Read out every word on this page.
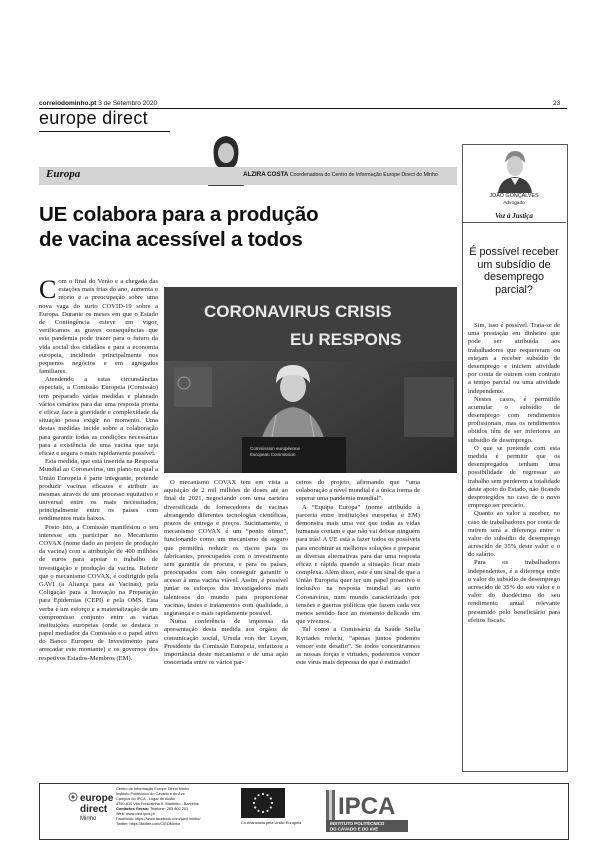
correiodominho.pt 3 de Setembro 2020	23
europe direct
Europa	ALZIRA COSTA Coordenadora do Centro de Informação Europe Direct do Minho
UE colabora para a produção de vacina acessível a todos

Com o final do Verão e a chegada das estações mais frias do ano, aumenta o receio e a preocupação sobre uma nova vaga do surto COVID-19 sobre a Europa. Durante os meses em que o Estado de Contingência esteve em vigor, verificamos as graves consequências que esta pandemia pode trazer para o futuro da vida social dos cidadãos e para a economia europeia, incidindo principalmente nos pequenos negócios e em agregados familiares.

Atendendo a estas circunstâncias especiais, a Comissão Europeia (Comissão) tem preparado várias medidas e planeado vários cenários para dar uma resposta pronta e eficaz face à gravidade e complexidade da situação possa exigir no momento. Uma destas medidas incide sobre a colaboração para garantir todas as condições necessárias para a existência de uma vacina que seja eficaz e segura o mais rapidamente possível.

Esta medida, que está inserida na Resposta Mundial ao Coronavírus, um plano no qual a União Europeia é parte integrante, pretende produzir vacinas eficazes e atribuir as mesmas através de um processo equitativo e universal entre os mais necessitados, principalmente entre os países com rendimentos mais baixos.

Posto isto, a Comissão manifestou o seu interesse em participar no Mecanismo COVAX (nome dado ao projeto de produção da vacina) com a atribuição de 400 milhões de euros para apoiar o trabalho de investigação e produção da vacina. Referir que o mecanismo COVAX, é codirigido pela GAVI (a Aliança para as Vacinas), pela Coligação para a Inovação na Preparação para Epidemias (CEPI) e pela OMS. Esta verba é um esforço e a materialização de um compromisso conjunto entre as várias instituições europeias (onde se destaca o papel mediador da Comissão e o papel ativo do Banco Europeu de Investimento para arrecadar este montante) e os governos dos respetivos Estados-Membros (EM).

CORONAVIRUS CRISIS
EU RESPONS
Commission européenne
European Commission

O mecanismo COVAX tem em vista a aquisição de 2 mil milhões de doses até ao final de 2021, negociando com uma carteira diversificada de fornecedores de vacinas abrangendo diferentes tecnologias científicas, prazos de entrega e preços. Sucintamente, o mecanismo COVAX é um “ponto ótimo”, funcionando como um mecanismo de seguro que permitirá reduzir os riscos para os fabricantes, preocupados com o investimento sem garantia de procura, e para os países, preocupados com não conseguir garantir o acesso à uma vacina viável. Assim, é possível juntar os esforços dos investigadores mais talentosos do mundo para proporcionar vacinas, testes e tratamentos com qualidade, a segurança e o mais rapidamente possível.

Numa conferência de imprensa da apresentação desta medida aos órgãos de comunicação social, Ursula von der Leyen, Presidente da Comissão Europeia, enfatizou a importância deste mecanismo e de uma ação concertada entre os vários par-

ceiros do projeto, afirmando que “uma colaboração a nível mundial é a única forma de superar uma pandemia mundial”.

A “Equipa Europa” (nome atribuído à parceria entre instituições europeias e EM) demonstra mais uma vez que todas as vidas humanas contam e que não vai deixar ninguém para trás! A UE está a fazer todos os possíveis para encontrar as melhores soluções e preparar as diversas alternativas para dar uma resposta eficaz e rápida quando a situação ficar mais complexa. Além disso, este é um sinal de que a União Europeia quer ter um papel proactivo e inclusivo na resposta mundial ao surto Coronavírus, num mundo caracterizado por tensões e guerras políticas que fazem cada vez menos sentido face ao momento delicado em que vivemos.

Tal como a Comissária da Saúde Stella Kyriades referiu, “apenas juntos podemos vencer este desafio”. Se todos concentrarmos as nossas forças e virtudes, poderemos vencer este vírus mais depressa do que é estimado!

JOÃO GONÇALVES
Advogado
Voz à Justiça
É possível receber um subsídio de desemprego parcial?

Sim, isso é possível. Trata-se de uma prestação em dinheiro que pode ser atribuída aos trabalhadores que requereram ou estejam a receber subsídio de desemprego e iniciem atividade por conta de outrem com contrato a tempo parcial ou uma atividade independente.

Nestes casos, é permitido acumular o subsídio de desemprego com rendimentos profissionais, mas os rendimentos obtidos têm de ser inferiores ao subsídio de desemprego.

O que se pretende com esta medida é permitir que os desempregados tenham uma possibilidade de regressar ao trabalho sem perderem a totalidade deste apoio do Estado, não ficando desprotegidos no caso de o novo emprego ser precário.

Quanto ao valor a receber, no caso de trabalhadores por conta de outrem será a diferença entre o valor do subsídio de desemprego acrescido de 35% deste valor e o do salário.

Para os trabalhadores independentes, é a diferença entre o valor do subsídio de desemprego acrescido de 35% do seu valor e o valor do duodécimo do seu rendimento anual relevante presumido pelo beneficiário para efeitos fiscais.

europe
direct
Minho
Centro de Informação Europe Direct Minho
Instituto Politécnico do Cávado e do Ave
Campus do IPCA - Lugar do Aldão
4750-810 Vila Frescainha S. Martinho - Barcelos
Contactos Gerais: Telefone: 253 802 201
Web: www.cied.ipca.pt
Facebook: https://www.facebook.com/cied.minho/
Twitter: https://twitter.com/CIEDMinho	Co-financiado pela União Europeia
IPCA
INSTITUTO POLITÉCNICO
DO CÁVADO E DO AVE
